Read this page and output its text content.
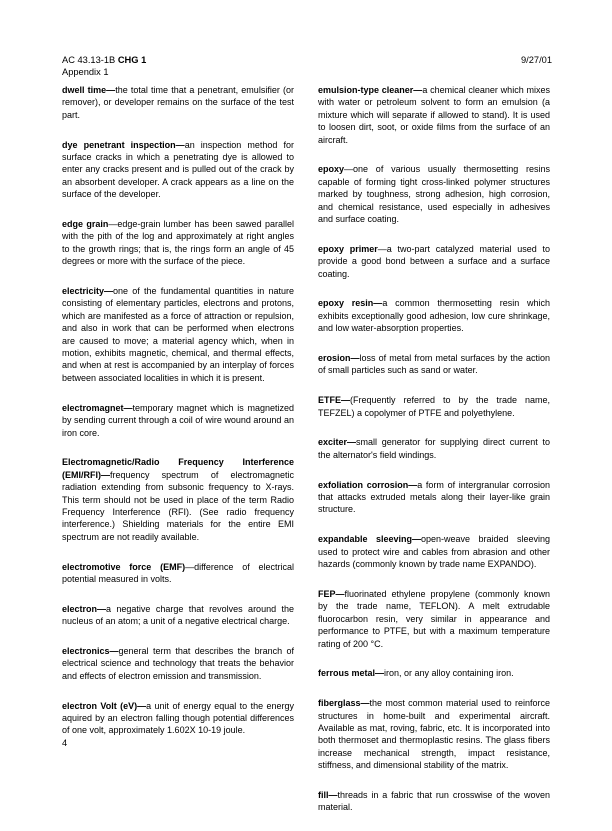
AC 43.13-1B CHG 1
Appendix 1
9/27/01

dwell time—the total time that a penetrant, emulsifier (or remover), or developer remains on the surface of the test part.

dye penetrant inspection—an inspection method for surface cracks in which a penetrating dye is allowed to enter any cracks present and is pulled out of the crack by an absorbent developer. A crack appears as a line on the surface of the developer.

edge grain—edge-grain lumber has been sawed parallel with the pith of the log and approximately at right angles to the growth rings; that is, the rings form an angle of 45 degrees or more with the surface of the piece.

electricity—one of the fundamental quantities in nature consisting of elementary particles, electrons and protons, which are manifested as a force of attraction or repulsion, and also in work that can be performed when electrons are caused to move; a material agency which, when in motion, exhibits magnetic, chemical, and thermal effects, and when at rest is accompanied by an interplay of forces between associated localities in which it is present.

electromagnet—temporary magnet which is magnetized by sending current through a coil of wire wound around an iron core.

Electromagnetic/Radio Frequency Interference (EMI/RFI)—frequency spectrum of electromagnetic radiation extending from subsonic frequency to X-rays. This term should not be used in place of the term Radio Frequency Interference (RFI). (See radio frequency interference.) Shielding materials for the entire EMI spectrum are not readily available.

electromotive force (EMF)—difference of electrical potential measured in volts.

electron—a negative charge that revolves around the nucleus of an atom; a unit of a negative electrical charge.

electronics—general term that describes the branch of electrical science and technology that treats the behavior and effects of electron emission and transmission.

electron Volt (eV)—a unit of energy equal to the energy aquired by an electron falling though potential differences of one volt, approximately 1.602X 10-19 joule.

emulsion-type cleaner—a chemical cleaner which mixes with water or petroleum solvent to form an emulsion (a mixture which will separate if allowed to stand). It is used to loosen dirt, soot, or oxide films from the surface of an aircraft.

epoxy—one of various usually thermosetting resins capable of forming tight cross-linked polymer structures marked by toughness, strong adhesion, high corrosion, and chemical resistance, used especially in adhesives and surface coating.

epoxy primer—a two-part catalyzed material used to provide a good bond between a surface and a surface coating.

epoxy resin—a common thermosetting resin which exhibits exceptionally good adhesion, low cure shrinkage, and low water-absorption properties.

erosion—loss of metal from metal surfaces by the action of small particles such as sand or water.

ETFE—(Frequently referred to by the trade name, TEFZEL) a copolymer of PTFE and polyethylene.

exciter—small generator for supplying direct current to the alternator's field windings.

exfoliation corrosion—a form of intergranular corrosion that attacks extruded metals along their layer-like grain structure.

expandable sleeving—open-weave braided sleeving used to protect wire and cables from abrasion and other hazards (commonly known by trade name EXPANDO).

FEP—fluorinated ethylene propylene (commonly known by the trade name, TEFLON). A melt extrudable fluorocarbon resin, very similar in appearance and performance to PTFE, but with a maximum temperature rating of 200 °C.

ferrous metal—iron, or any alloy containing iron.

fiberglass—the most common material used to reinforce structures in home-built and experimental aircraft. Available as mat, roving, fabric, etc. It is incorporated into both thermoset and thermoplastic resins. The glass fibers increase mechanical strength, impact resistance, stiffness, and dimensional stability of the matrix.

fill—threads in a fabric that run crosswise of the woven material.

4
